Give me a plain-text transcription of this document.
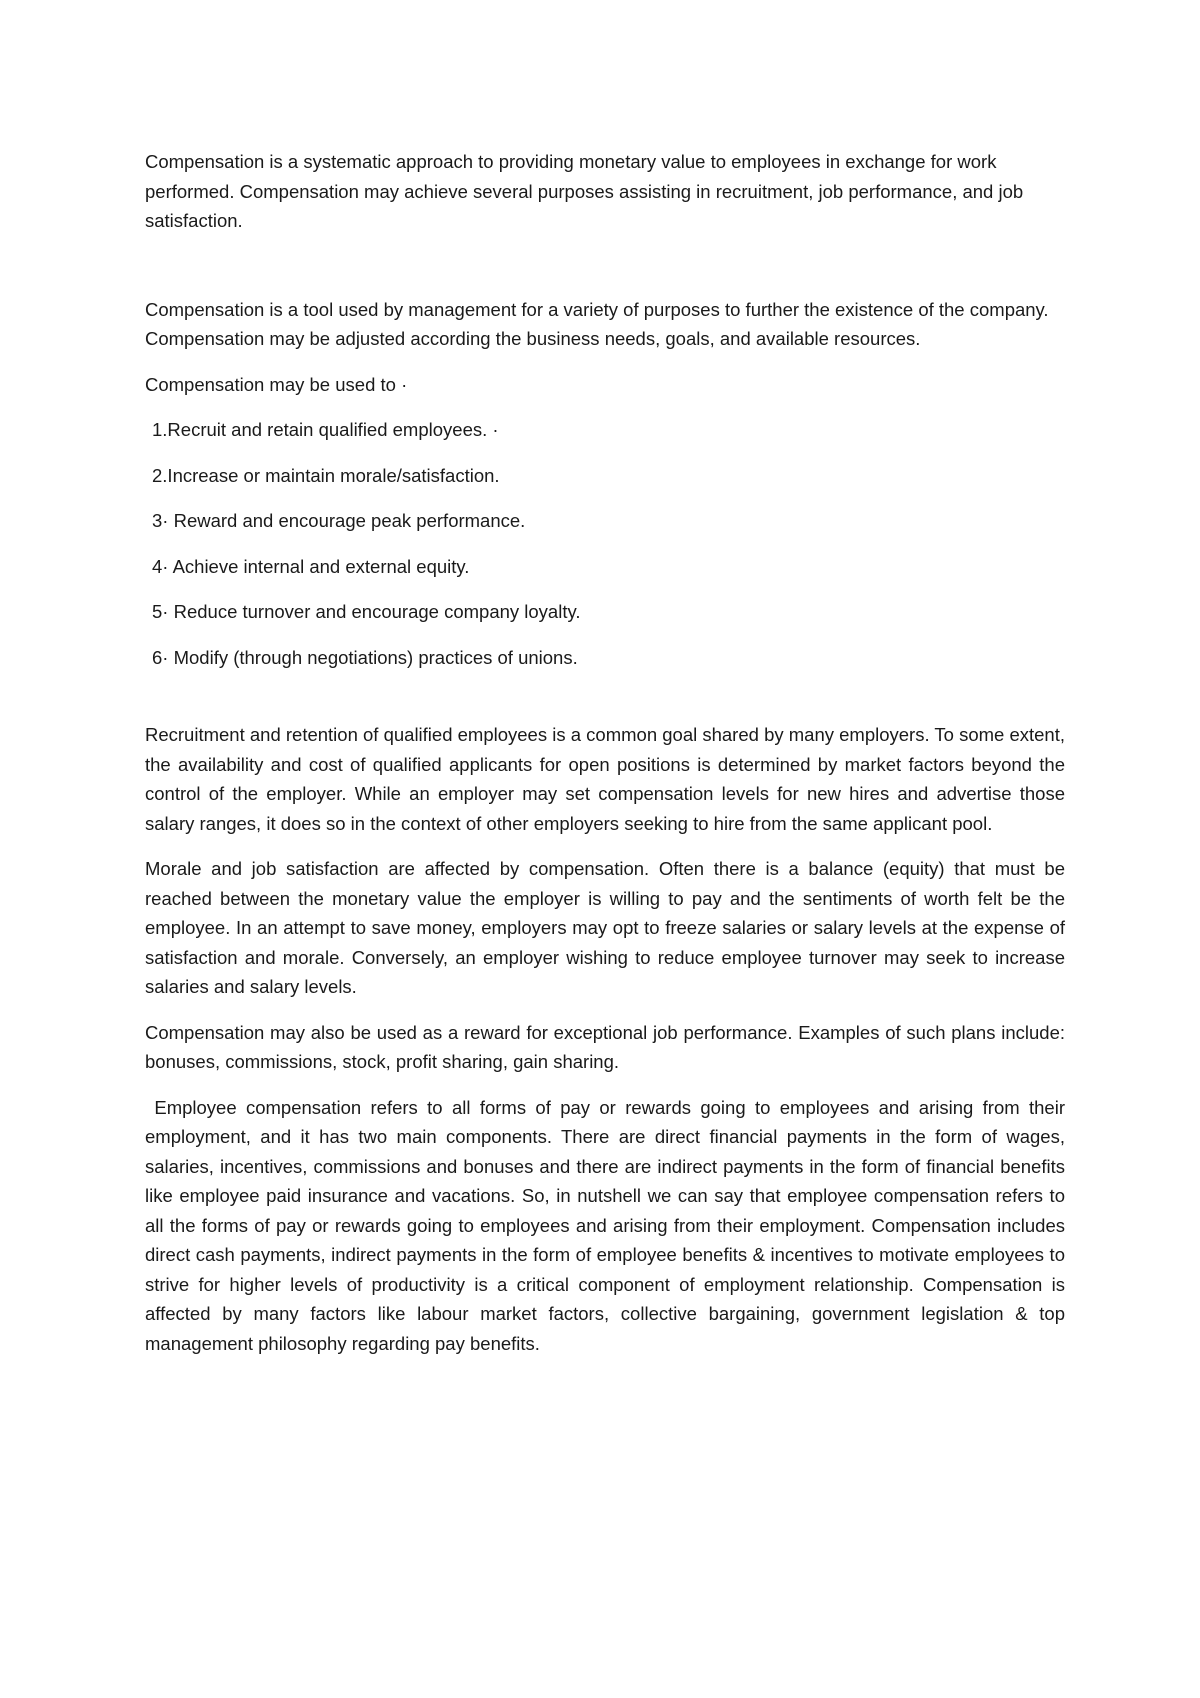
Compensation is a systematic approach to providing monetary value to employees in exchange for work performed. Compensation may achieve several purposes assisting in recruitment, job performance, and job satisfaction.

Compensation is a tool used by management for a variety of purposes to further the existence of the company. Compensation may be adjusted according the business needs, goals, and available resources.

Compensation may be used to ·

1.Recruit and retain qualified employees. ·

2.Increase or maintain morale/satisfaction.

3· Reward and encourage peak performance.

4· Achieve internal and external equity.

5· Reduce turnover and encourage company loyalty.

6· Modify (through negotiations) practices of unions.

Recruitment and retention of qualified employees is a common goal shared by many employers. To some extent, the availability and cost of qualified applicants for open positions is determined by market factors beyond the control of the employer. While an employer may set compensation levels for new hires and advertise those salary ranges, it does so in the context of other employers seeking to hire from the same applicant pool.

Morale and job satisfaction are affected by compensation. Often there is a balance (equity) that must be reached between the monetary value the employer is willing to pay and the sentiments of worth felt be the employee. In an attempt to save money, employers may opt to freeze salaries or salary levels at the expense of satisfaction and morale. Conversely, an employer wishing to reduce employee turnover may seek to increase salaries and salary levels.

Compensation may also be used as a reward for exceptional job performance. Examples of such plans include: bonuses, commissions, stock, profit sharing, gain sharing.

Employee compensation refers to all forms of pay or rewards going to employees and arising from their employment, and it has two main components. There are direct financial payments in the form of wages, salaries, incentives, commissions and bonuses and there are indirect payments in the form of financial benefits like employee paid insurance and vacations. So, in nutshell we can say that employee compensation refers to all the forms of pay or rewards going to employees and arising from their employment. Compensation includes direct cash payments, indirect payments in the form of employee benefits & incentives to motivate employees to strive for higher levels of productivity is a critical component of employment relationship. Compensation is affected by many factors like labour market factors, collective bargaining, government legislation & top management philosophy regarding pay benefits.
